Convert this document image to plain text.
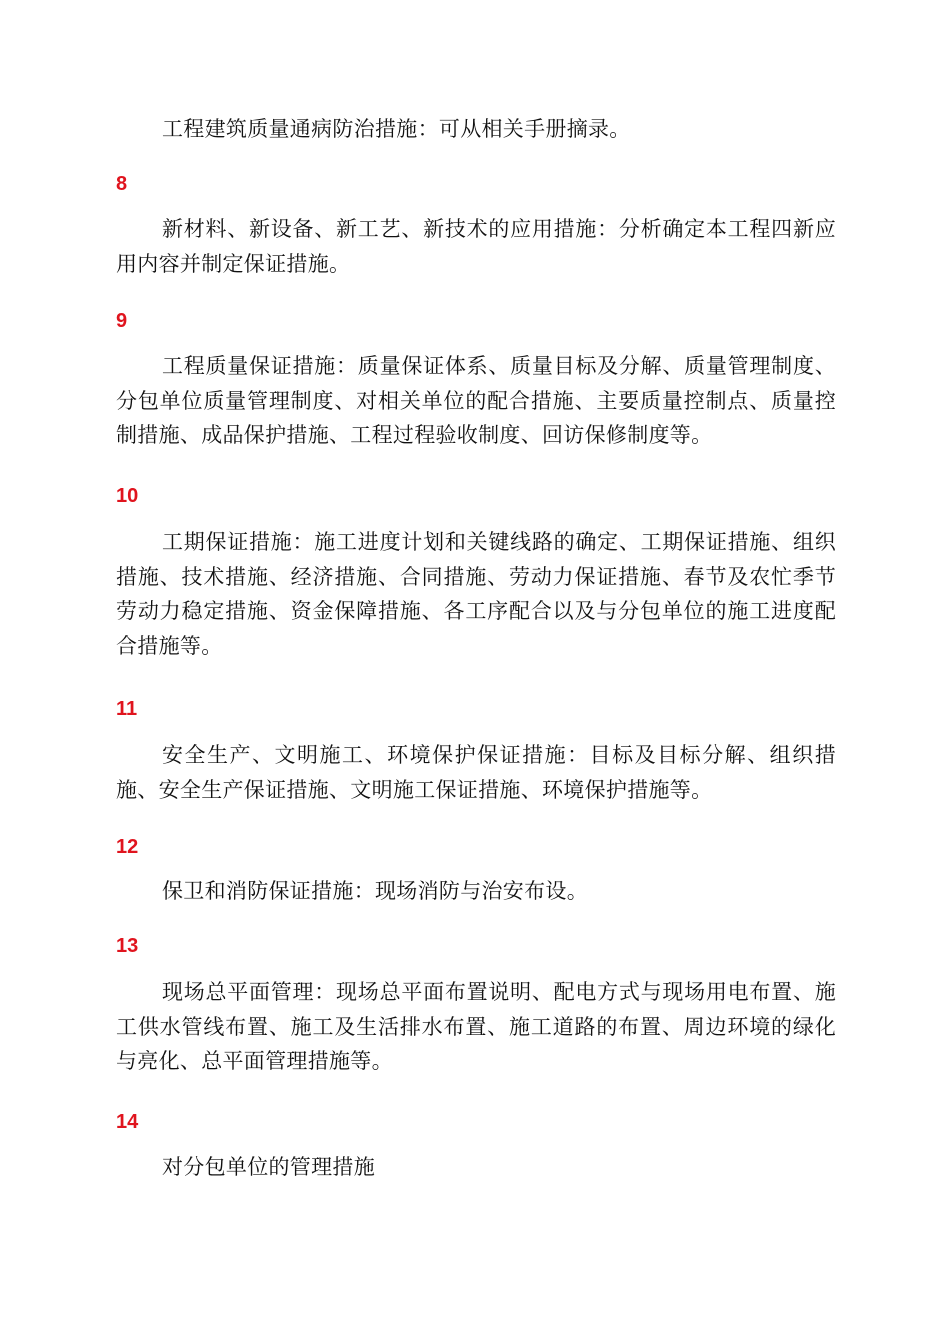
工程建筑质量通病防治措施：可从相关手册摘录。

8

新材料、新设备、新工艺、新技术的应用措施：分析确定本工程四新应用内容并制定保证措施。

9

工程质量保证措施：质量保证体系、质量目标及分解、质量管理制度、分包单位质量管理制度、对相关单位的配合措施、主要质量控制点、质量控制措施、成品保护措施、工程过程验收制度、回访保修制度等。

10

工期保证措施：施工进度计划和关键线路的确定、工期保证措施、组织措施、技术措施、经济措施、合同措施、劳动力保证措施、春节及农忙季节劳动力稳定措施、资金保障措施、各工序配合以及与分包单位的施工进度配合措施等。

11

安全生产、文明施工、环境保护保证措施：目标及目标分解、组织措施、安全生产保证措施、文明施工保证措施、环境保护措施等。

12

保卫和消防保证措施：现场消防与治安布设。

13

现场总平面管理：现场总平面布置说明、配电方式与现场用电布置、施工供水管线布置、施工及生活排水布置、施工道路的布置、周边环境的绿化与亮化、总平面管理措施等。

14

对分包单位的管理措施
